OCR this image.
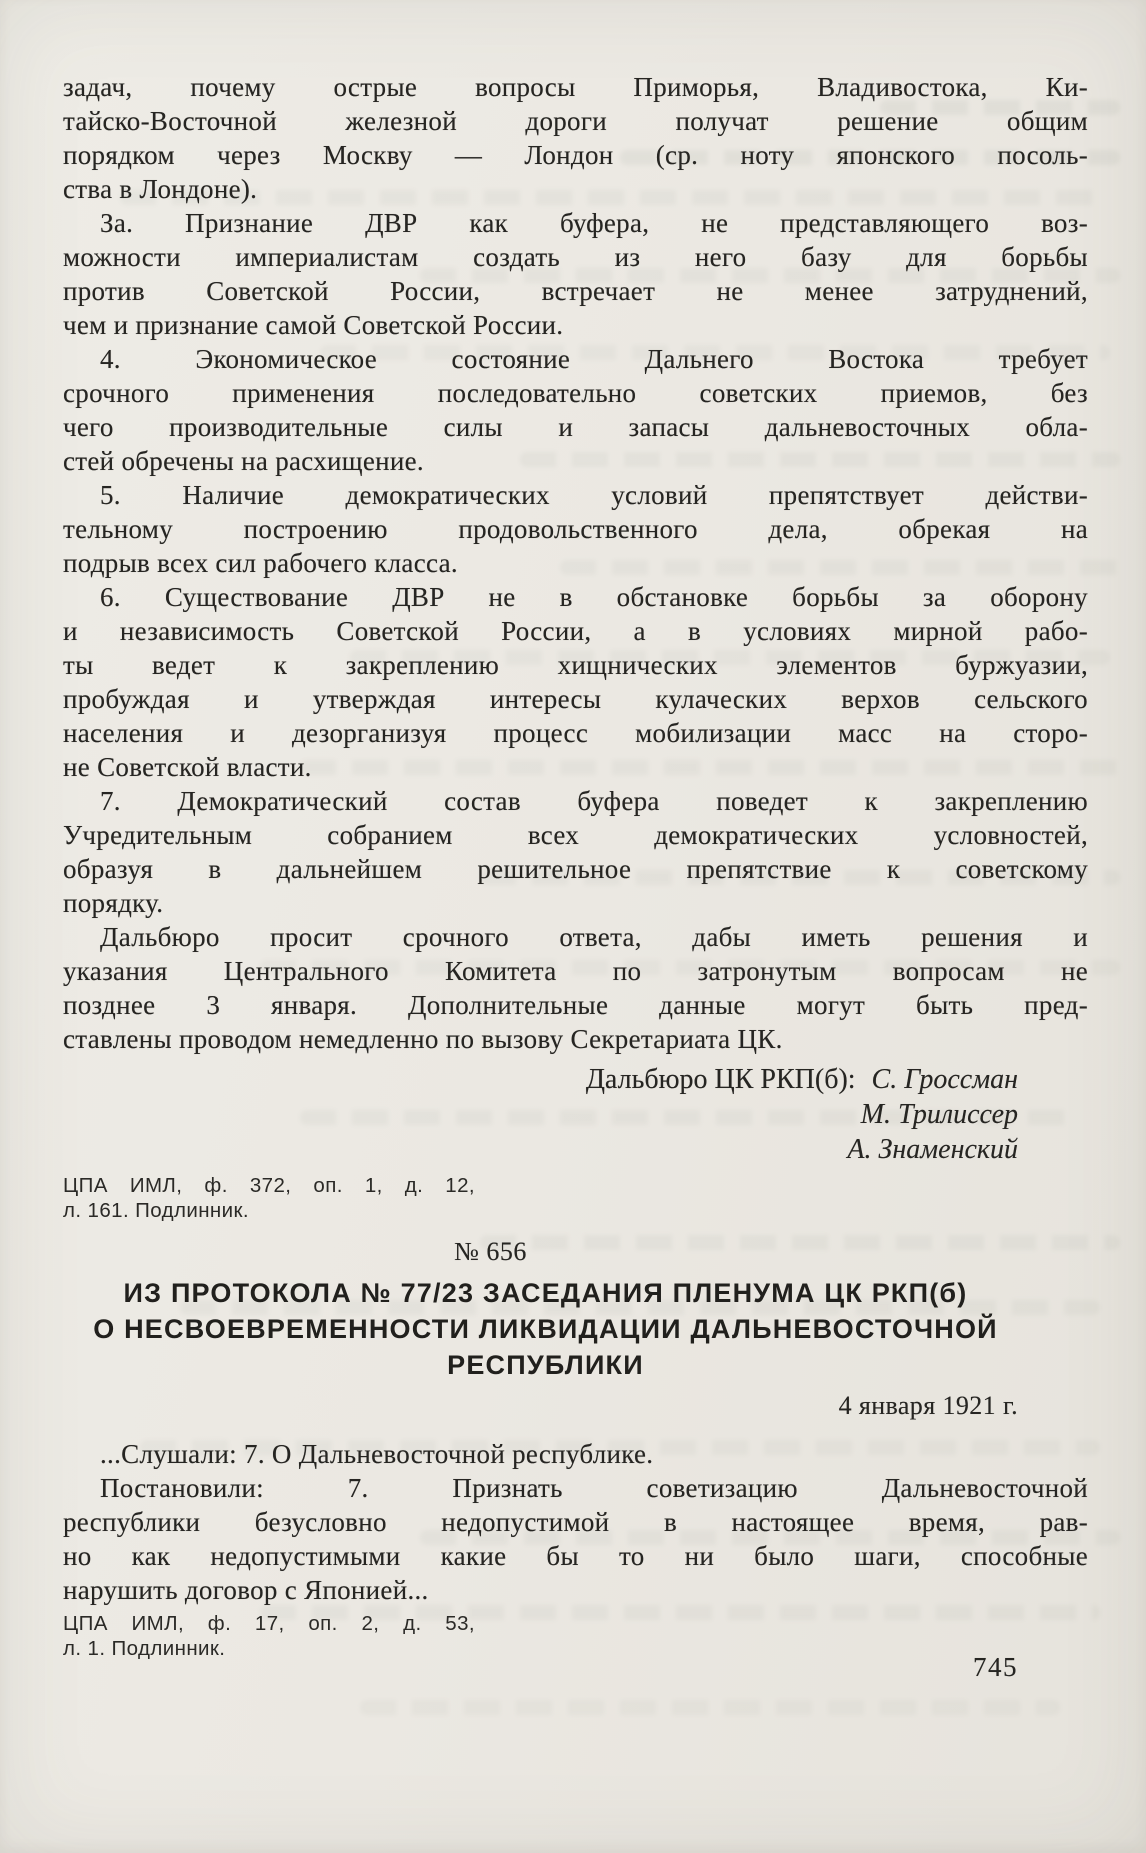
задач, почему острые вопросы Приморья, Владивостока, Ки-
тайско-Восточной железной дороги получат решение общим
порядком через Москву — Лондон (ср. ноту японского посоль-
ства в Лондоне).
За. Признание ДВР как буфера, не представляющего воз-
можности империалистам создать из него базу для борьбы
против Советской России, встречает не менее затруднений,
чем и признание самой Советской России.
4. Экономическое состояние Дальнего Востока требует
срочного применения последовательно советских приемов, без
чего производительные силы и запасы дальневосточных обла-
стей обречены на расхищение.
5. Наличие демократических условий препятствует действи-
тельному построению продовольственного дела, обрекая на
подрыв всех сил рабочего класса.
6. Существование ДВР не в обстановке борьбы за оборону
и независимость Советской России, а в условиях мирной рабо-
ты ведет к закреплению хищнических элементов буржуазии,
пробуждая и утверждая интересы кулаческих верхов сельского
населения и дезорганизуя процесс мобилизации масс на сторо-
не Советской власти.
7. Демократический состав буфера поведет к закреплению
Учредительным собранием всех демократических условностей,
образуя в дальнейшем решительное препятствие к советскому
порядку.
Дальбюро просит срочного ответа, дабы иметь решения и
указания Центрального Комитета по затронутым вопросам не
позднее 3 января. Дополнительные данные могут быть пред-
ставлены проводом немедленно по вызову Секретариата ЦК.
Дальбюро ЦК РКП(б): С. Гроссман
М. Трилиссер
А. Знаменский
ЦПА ИМЛ, ф. 372, оп. 1, д. 12,
л. 161. Подлинник.
№ 656
ИЗ ПРОТОКОЛА № 77/23 ЗАСЕДАНИЯ ПЛЕНУМА ЦК РКП(б)
О НЕСВОЕВРЕМЕННОСТИ ЛИКВИДАЦИИ ДАЛЬНЕВОСТОЧНОЙ
РЕСПУБЛИКИ
4 января 1921 г.
...Слушали: 7. О Дальневосточной республике.
Постановили: 7. Признать советизацию Дальневосточной
республики безусловно недопустимой в настоящее время, рав-
но как недопустимыми какие бы то ни было шаги, способные
нарушить договор с Японией...
ЦПА ИМЛ, ф. 17, оп. 2, д. 53,
л. 1. Подлинник.
745
